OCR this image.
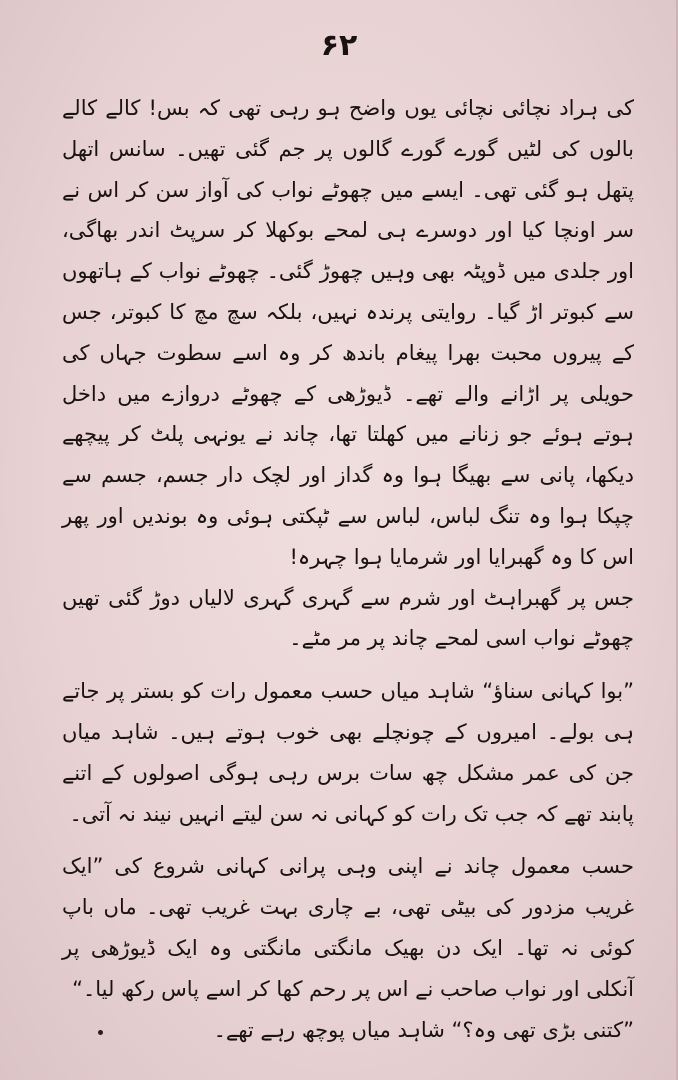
۶۲

کی ہراد نچائی نچائی یوں واضح ہو رہی تھی کہ بس! کالے کالے بالوں کی لٹیں گورے گورے گالوں پر جم گئی تھیں۔ سانس اتھل پتھل ہو گئی تھی۔ ایسے میں چھوٹے نواب کی آواز سن کر اس نے سر اونچا کیا اور دوسرے ہی لمحے بوکھلا کر سرپٹ اندر بھاگی، اور جلدی میں ڈوپٹہ بھی وہیں چھوڑ گئی۔ چھوٹے نواب کے ہاتھوں سے کبوتر اڑ گیا۔ روایتی پرندہ نہیں، بلکہ سچ مچ کا کبوتر، جس کے پیروں محبت بھرا پیغام باندھ کر وہ اسے سطوت جہاں کی حویلی پر اڑانے والے تھے۔ ڈیوڑھی کے چھوٹے دروازے میں داخل ہوتے ہوئے جو زنانے میں کھلتا تھا، چاند نے یونہی پلٹ کر پیچھے دیکھا، پانی سے بھیگا ہوا وہ گداز اور لچک دار جسم، جسم سے چپکا ہوا وہ تنگ لباس، لباس سے ٹپکتی ہوئی وہ بوندیں اور پھر اس کا وہ گھبرایا اور شرمایا ہوا چہرہ!

جس پر گھبراہٹ اور شرم سے گہری گہری لالیاں دوڑ گئی تھیں چھوٹے نواب اسی لمحے چاند پر مر مٹے۔

”بوا کہانی سناؤ“ شاہد میاں حسب معمول رات کو بستر پر جاتے ہی بولے۔ امیروں کے چونچلے بھی خوب ہوتے ہیں۔ شاہد میاں جن کی عمر مشکل چھ سات برس رہی ہوگی اصولوں کے اتنے پابند تھے کہ جب تک رات کو کہانی نہ سن لیتے انہیں نیند نہ آتی۔

حسب معمول چاند نے اپنی وہی پرانی کہانی شروع کی ”ایک غریب مزدور کی بیٹی تھی، بے چاری بہت غریب تھی۔ ماں باپ کوئی نہ تھا۔ ایک دن بھیک مانگتی مانگتی وہ ایک ڈیوڑھی پر آنکلی اور نواب صاحب نے اس پر رحم کھا کر اسے پاس رکھ لیا۔“

”کتنی بڑی تھی وہ؟“ شاہد میاں پوچھ رہے تھے۔
